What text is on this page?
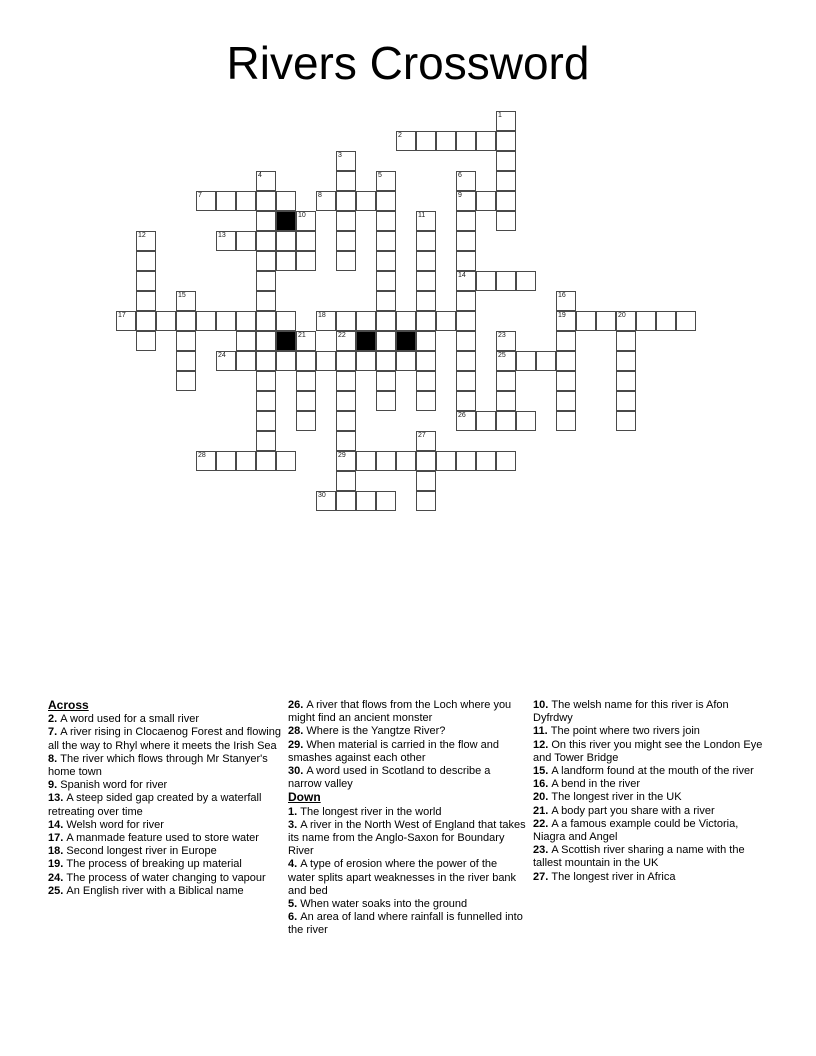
Rivers Crossword
1
2
3
4	5	6
9
14
26
7	8
10	11
12	13
15	16
19
17	18	20
21	22
29
23
25
24
27
28
30
Across
2. A word used for a small river
7. A river rising in Clocaenog Forest and flowing all the way to Rhyl where it meets the Irish Sea
8. The river which flows through Mr Stanyer's home town
9. Spanish word for river
13. A steep sided gap created by a waterfall retreating over time
14. Welsh word for river
17. A manmade feature used to store water
18. Second longest river in Europe
19. The process of breaking up material
24. The process of water changing to vapour
25. An English river with a Biblical name
26. A river that flows from the Loch where you might find an ancient monster
28. Where is the Yangtze River?
29. When material is carried in the flow and smashes against each other
30. A word used in Scotland to describe a narrow valley
Down
1. The longest river in the world
3. A river in the North West of England that takes its name from the Anglo-Saxon for Boundary River
4. A type of erosion where the power of the water splits apart weaknesses in the river bank and bed
5. When water soaks into the ground
6. An area of land where rainfall is funnelled into the river
10. The welsh name for this river is Afon Dyfrdwy
11. The point where two rivers join
12. On this river you might see the London Eye and Tower Bridge
15. A landform found at the mouth of the river
16. A bend in the river
20. The longest river in the UK
21. A body part you share with a river
22. A a famous example could be Victoria, Niagra and Angel
23. A Scottish river sharing a name with the tallest mountain in the UK
27. The longest river in Africa
